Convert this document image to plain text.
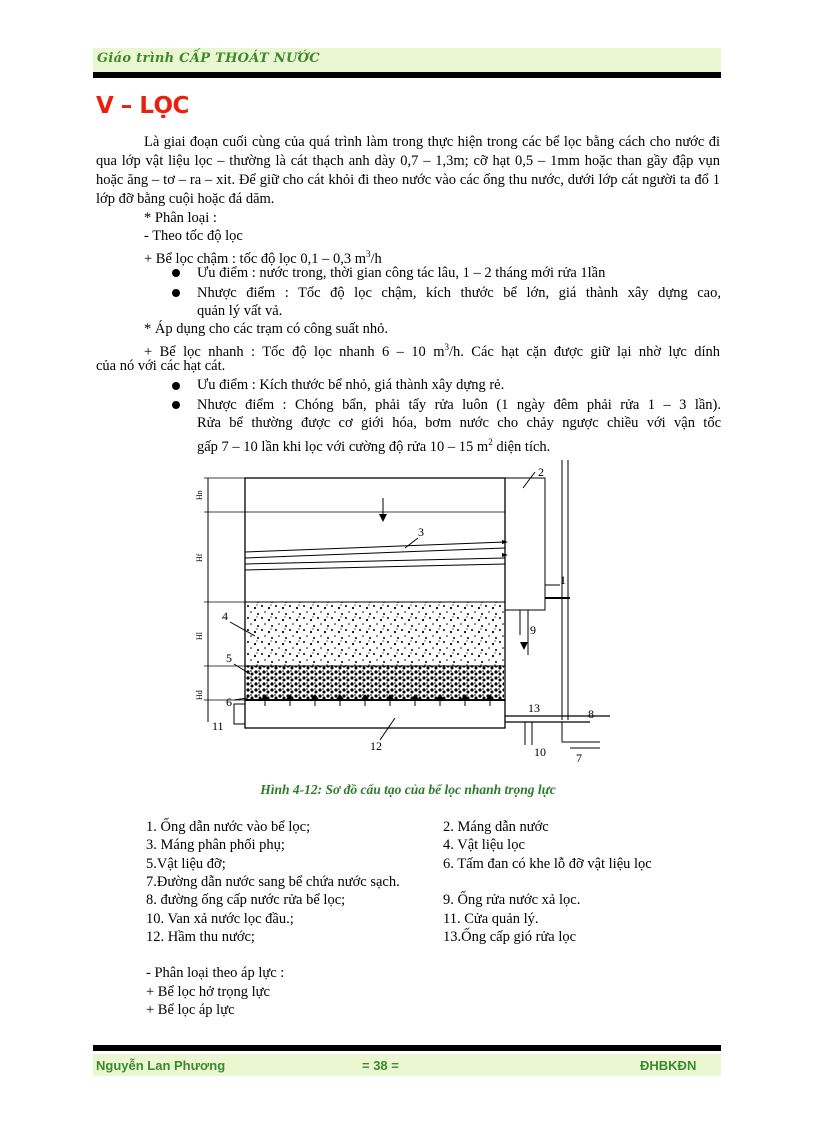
Giáo trình CẤP THOÁT NƯỚC
V – LỌC
Là giai đoạn cuối cùng của quá trình làm trong thực hiện trong các bể lọc bằng cách cho nước đi qua lớp vật liệu lọc – thường là cát thạch anh dày 0,7 – 1,3m; cỡ hạt 0,5 – 1mm hoặc than gầy đập vụn hoặc ăng – tơ – ra – xit. Để giữ cho cát khỏi đi theo nước vào các ống thu nước, dưới lớp cát người ta đổ 1 lớp đỡ bằng cuội hoặc đá dăm.
* Phân loại :
- Theo tốc độ lọc
+ Bể lọc chậm : tốc độ lọc 0,1 – 0,3 $m^3/h$
Ưu điểm : nước trong, thời gian công tác lâu, 1 – 2 tháng mới rửa 1lần
Nhược điểm : Tốc độ lọc chậm, kích thước bể lớn, giá thành xây dựng cao,
quản lý vất vả.
* Áp dụng cho các trạm có công suất nhỏ.
+ Bể lọc nhanh : Tốc độ lọc nhanh 6 – 10 $m^3/h$. Các hạt cặn được giữ lại nhờ lực dính
của nó với các hạt cát.
Ưu điểm : Kích thước bể nhỏ, giá thành xây dựng rẻ.
Nhược điểm : Chóng bẩn, phải tẩy rửa luôn (1 ngày đêm phải rửa 1 – 3 lần).
Rửa bể thường được cơ giới hóa, bơm nước cho chảy ngược chiều với vận tốc
gấp 7 – 10 lần khi lọc với cường độ rửa 10 – 15 $m^2$ diện tích.
Hn
Hf
Hl
Hd
2
3
1
4
5
6
11
9
13	8
10	7
12
Hình 4-12: Sơ đồ cấu tạo của bể lọc nhanh trọng lực
1. Ống dẫn nước vào bể lọc;	2. Máng dẫn nước
3. Máng phân phối phụ;	4. Vật liệu lọc
5.Vật liệu đỡ;	6. Tấm đan có khe lỗ đỡ vật liệu lọc
7.Đường dẫn nước sang bể chứa nước sạch.
8. đường ống cấp nước rửa bể lọc;	9. Ống rửa nước xả lọc.
10. Van xả nước lọc đầu.;	11. Cửa quản lý.
12. Hầm thu nước;	13.Ống cấp gió rửa lọc
- Phân loại theo áp lực :
+ Bể lọc hở trọng lực
+ Bể lọc áp lực
Nguyễn Lan Phương	= 38 =	ĐHBKĐN
